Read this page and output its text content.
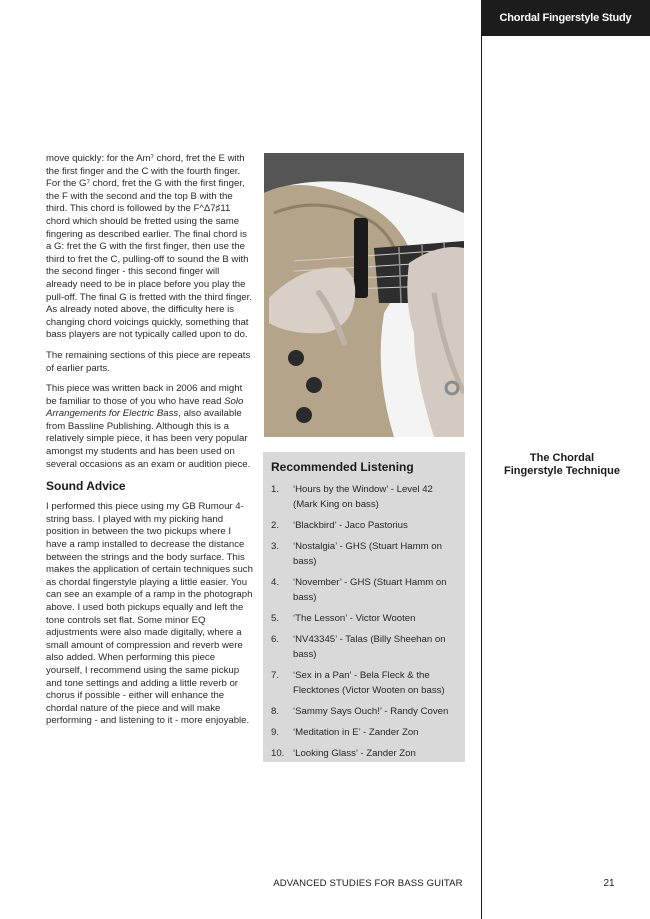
Chordal Fingerstyle Study

move quickly: for the Am⁷ chord, fret the E with the first finger and the C with the fourth finger. For the G⁷ chord, fret the G with the first finger, the F with the second and the top B with the third. This chord is followed by the F^Δ7♯11 chord which should be fretted using the same fingering as described earlier. The final chord is a G: fret the G with the first finger, then use the third to fret the C, pulling-off to sound the B with the second finger - this second finger will already need to be in place before you play the pull-off. The final G is fretted with the third finger. As already noted above, the difficulty here is changing chord voicings quickly, something that bass players are not typically called upon to do.

The remaining sections of this piece are repeats of earlier parts.

This piece was written back in 2006 and might be familiar to those of you who have read Solo Arrangements for Electric Bass, also available from Bassline Publishing. Although this is a relatively simple piece, it has been very popular amongst my students and has been used on several occasions as an exam or audition piece.

Sound Advice

I performed this piece using my GB Rumour 4-string bass. I played with my picking hand position in between the two pickups where I have a ramp installed to decrease the distance between the strings and the body surface. This makes the application of certain techniques such as chordal fingerstyle playing a little easier. You can see an example of a ramp in the photograph above. I used both pickups equally and left the tone controls set flat. Some minor EQ adjustments were also made digitally, where a small amount of compression and reverb were also added. When performing this piece yourself, I recommend using the same pickup and tone settings and adding a little reverb or chorus if possible - either will enhance the chordal nature of the piece and will make performing - and listening to it - more enjoyable.

The Chordal
Fingerstyle Technique
Recommended Listening
1.	‘Hours by the Window’ - Level 42 (Mark King on bass)
2.	‘Blackbird’ - Jaco Pastorius
3.	‘Nostalgia’ - GHS (Stuart Hamm on bass)
4.	‘November’ - GHS (Stuart Hamm on bass)
5.	‘The Lesson’ - Victor Wooten
6.	‘NV43345’ - Talas (Billy Sheehan on bass)
7.	‘Sex in a Pan’ - Bela Fleck & the Flecktones (Victor Wooten on bass)
8.	‘Sammy Says Ouch!’ - Randy Coven
9.	‘Meditation in E’ - Zander Zon
10. ‘Looking Glass’ - Zander Zon
ADVANCED STUDIES FOR BASS GUITAR	21
